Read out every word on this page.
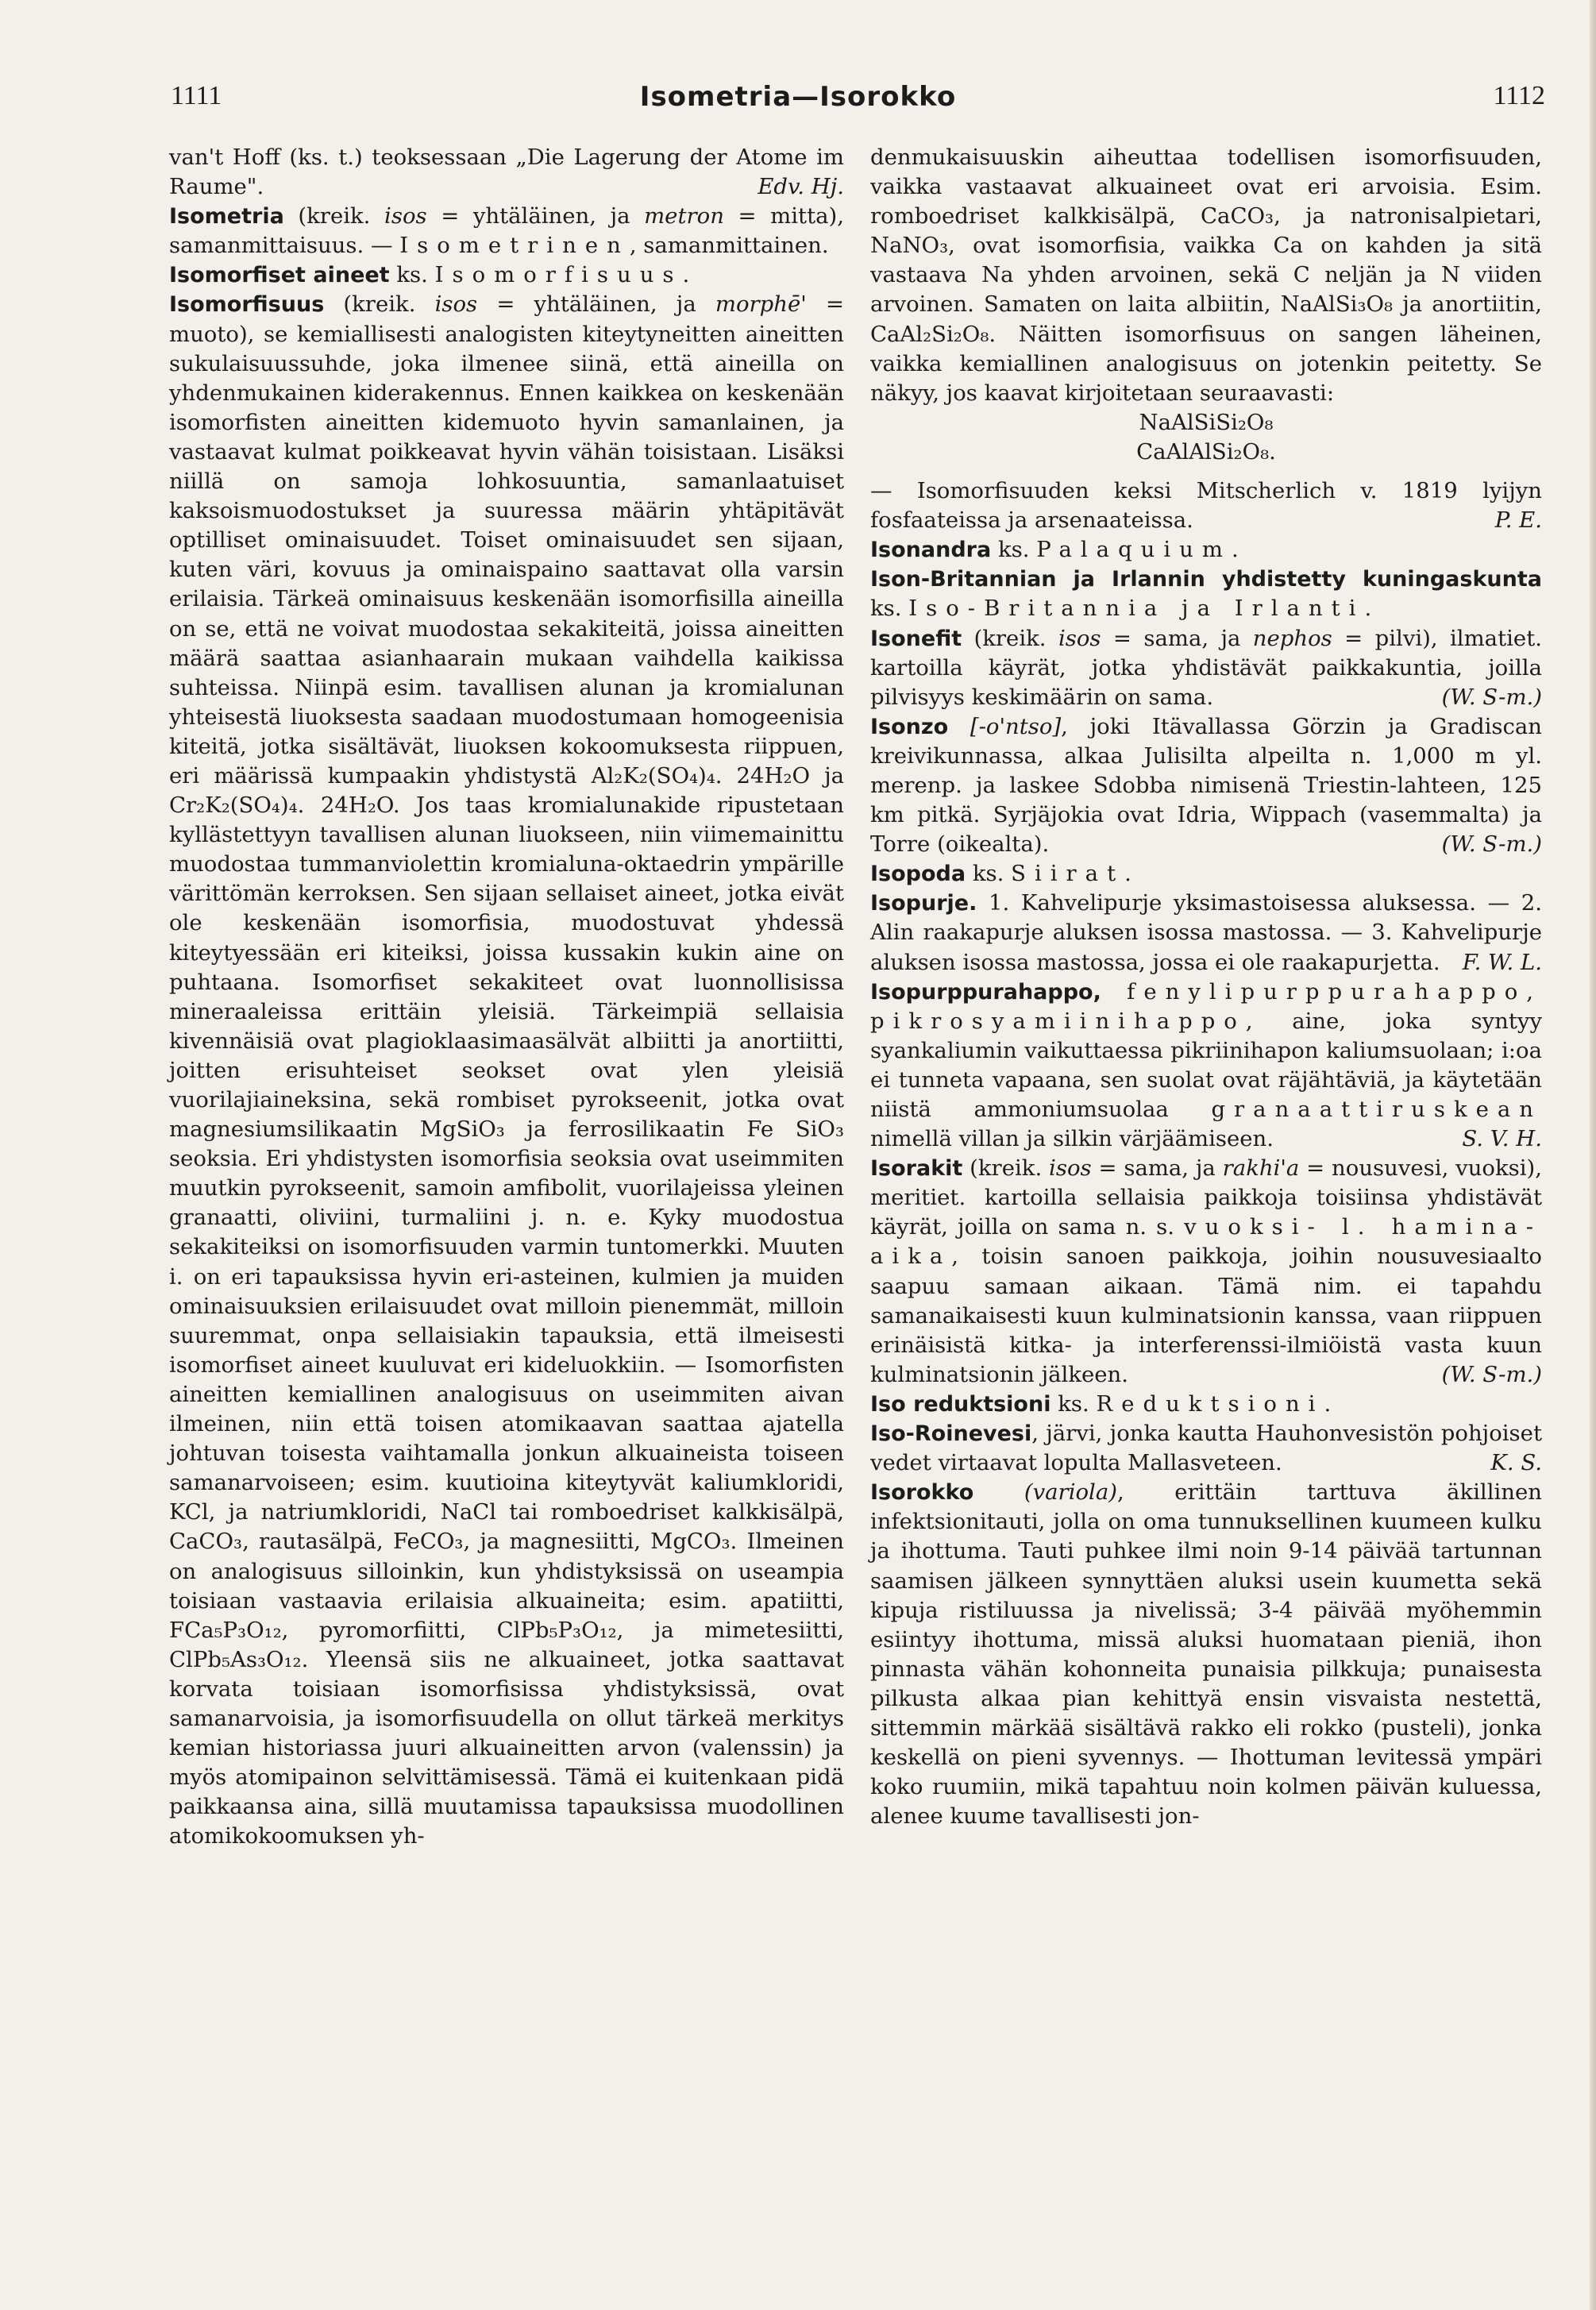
1111	Isometria—Isorokko	1112

van't Hoff (ks. t.) teoksessaan „Die Lagerung der Atome im Raume".	Edv. Hj.

Isometria (kreik. isos = yhtäläinen, ja metron = mitta), samanmittaisuus. — Isometrinen, samanmittainen.

Isomorfiset aineet ks. Isomorfisuus.

Isomorfisuus (kreik. isos = yhtäläinen, ja morphē' = muoto), se kemiallisesti analogisten kiteytyneitten aineitten sukulaisuussuhde, joka ilmenee siinä, että aineilla on yhdenmukainen kiderakennus. Ennen kaikkea on keskenään isomorfisten aineitten kidemuoto hyvin samanlainen, ja vastaavat kulmat poikkeavat hyvin vähän toisistaan. Lisäksi niillä on samoja lohkosuuntia, samanlaatuiset kaksoismuodostukset ja suuressa määrin yhtäpitävät optilliset ominaisuudet. Toiset ominaisuudet sen sijaan, kuten väri, kovuus ja ominaispaino saattavat olla varsin erilaisia. Tärkeä ominaisuus keskenään isomorfisilla aineilla on se, että ne voivat muodostaa sekakiteitä, joissa aineitten määrä saattaa asianhaarain mukaan vaihdella kaikissa suhteissa. Niinpä esim. tavallisen alunan ja kromialunan yhteisestä liuoksesta saadaan muodostumaan homogeenisia kiteitä, jotka sisältävät, liuoksen kokoomuksesta riippuen, eri määrissä kumpaakin yhdistystä Al₂K₂(SO₄)₄. 24H₂O ja Cr₂K₂(SO₄)₄. 24H₂O. Jos taas kromialunakide ripustetaan kyllästettyyn tavallisen alunan liuokseen, niin viimemainittu muodostaa tummanviolettin kromialuna-oktaedrin ympärille värittömän kerroksen. Sen sijaan sellaiset aineet, jotka eivät ole keskenään isomorfisia, muodostuvat yhdessä kiteytyessään eri kiteiksi, joissa kussakin kukin aine on puhtaana. Isomorfiset sekakiteet ovat luonnollisissa mineraaleissa erittäin yleisiä. Tärkeimpiä sellaisia kivennäisiä ovat plagioklaasimaasälvät albiitti ja anortiitti, joitten erisuhteiset seokset ovat ylen yleisiä vuorilajiaineksina, sekä rombiset pyrokseenit, jotka ovat magnesiumsilikaatin MgSiO₃ ja ferrosilikaatin Fe SiO₃ seoksia. Eri yhdistysten isomorfisia seoksia ovat useimmiten muutkin pyrokseenit, samoin amfibolit, vuorilajeissa yleinen granaatti, oliviini, turmaliini j. n. e. Kyky muodostua sekakiteiksi on isomorfisuuden varmin tuntomerkki. Muuten i. on eri tapauksissa hyvin eri-asteinen, kulmien ja muiden ominaisuuksien erilaisuudet ovat milloin pienemmät, milloin suuremmat, onpa sellaisiakin tapauksia, että ilmeisesti isomorfiset aineet kuuluvat eri kideluokkiin. — Isomorfisten aineitten kemiallinen analogisuus on useimmiten aivan ilmeinen, niin että toisen atomikaavan saattaa ajatella johtuvan toisesta vaihtamalla jonkun alkuaineista toiseen samanarvoiseen; esim. kuutioina kiteytyvät kaliumkloridi, KCl, ja natriumkloridi, NaCl tai romboedriset kalkkisälpä, CaCO₃, rautasälpä, FeCO₃, ja magnesiitti, MgCO₃. Ilmeinen on analogisuus silloinkin, kun yhdistyksissä on useampia toisiaan vastaavia erilaisia alkuaineita; esim. apatiitti, FCa₅P₃O₁₂, pyromorfiitti, ClPb₅P₃O₁₂, ja mimetesiitti, ClPb₅As₃O₁₂. Yleensä siis ne alkuaineet, jotka saattavat korvata toisiaan isomorfisissa yhdistyksissä, ovat samanarvoisia, ja isomorfisuudella on ollut tärkeä merkitys kemian historiassa juuri alkuaineitten arvon (valenssin) ja myös atomipainon selvittämisessä. Tämä ei kuitenkaan pidä paikkaansa aina, sillä muutamissa tapauksissa muodollinen atomikokoomuksen yh-

denmukaisuuskin aiheuttaa todellisen isomorfisuuden, vaikka vastaavat alkuaineet ovat eri arvoisia. Esim. romboedriset kalkkisälpä, CaCO₃, ja natronisalpietari, NaNO₃, ovat isomorfisia, vaikka Ca on kahden ja sitä vastaava Na yhden arvoinen, sekä C neljän ja N viiden arvoinen. Samaten on laita albiitin, NaAlSi₃O₈ ja anortiitin, CaAl₂Si₂O₈. Näitten isomorfisuus on sangen läheinen, vaikka kemiallinen analogisuus on jotenkin peitetty. Se näkyy, jos kaavat kirjoitetaan seuraavasti:

NaAlSiSi₂O₈

CaAlAlSi₂O₈.

— Isomorfisuuden keksi Mitscherlich v. 1819 lyijyn fosfaateissa ja arsenaateissa.	P. E.

Isonandra ks. Palaquium.

Ison-Britannian ja Irlannin yhdistetty kuningaskunta ks. Iso-Britannia ja Irlanti.

Isonefit (kreik. isos = sama, ja nephos = pilvi), ilmatiet. kartoilla käyrät, jotka yhdistävät paikkakuntia, joilla pilvisyys keskimäärin on sama.	(W. S-m.)

Isonzo [-o'ntso], joki Itävallassa Görzin ja Gradiscan kreivikunnassa, alkaa Julisilta alpeilta n. 1,000 m yl. merenp. ja laskee Sdobba nimisenä Triestin-lahteen, 125 km pitkä. Syrjäjokia ovat Idria, Wippach (vasemmalta) ja Torre (oikealta).	(W. S-m.)

Isopoda ks. Siirat.

Isopurje. 1. Kahvelipurje yksimastoisessa aluksessa. — 2. Alin raakapurje aluksen isossa mastossa. — 3. Kahvelipurje aluksen isossa mastossa, jossa ei ole raakapurjetta. F. W. L.

Isopurppurahappo, fenylipurppurahappo, pikrosyamiinihappo, aine, joka syntyy syankaliumin vaikuttaessa pikriinihapon kaliumsuolaan; i:oa ei tunneta vapaana, sen suolat ovat räjähtäviä, ja käytetään niistä ammoniumsuolaa granaattiruskean nimellä villan ja silkin värjäämiseen.	S. V. H.

Isorakit (kreik. isos = sama, ja rakhi'a = nousuvesi, vuoksi), meritiet. kartoilla sellaisia paikkoja toisiinsa yhdistävät käyrät, joilla on sama n. s. vuoksi- l. hamina-aika, toisin sanoen paikkoja, joihin nousuvesiaalto saapuu samaan aikaan. Tämä nim. ei tapahdu samanaikaisesti kuun kulminatsionin kanssa, vaan riippuen erinäisistä kitka- ja interferenssi-ilmiöistä vasta kuun kulminatsionin jälkeen.	(W. S-m.)

Iso reduktsioni ks. Reduktsioni.

Iso-Roinevesi, järvi, jonka kautta Hauhonvesistön pohjoiset vedet virtaavat lopulta Mallasveteen.	K. S.

Isorokko (variola), erittäin tarttuva äkillinen infektsionitauti, jolla on oma tunnuksellinen kuumeen kulku ja ihottuma. Tauti puhkee ilmi noin 9-14 päivää tartunnan saamisen jälkeen synnyttäen aluksi usein kuumetta sekä kipuja ristiluussa ja nivelissä; 3-4 päivää myöhemmin esiintyy ihottuma, missä aluksi huomataan pieniä, ihon pinnasta vähän kohonneita punaisia pilkkuja; punaisesta pilkusta alkaa pian kehittyä ensin visvaista nestettä, sittemmin märkää sisältävä rakko eli rokko (pusteli), jonka keskellä on pieni syvennys. — Ihottuman levitessä ympäri koko ruumiin, mikä tapahtuu noin kolmen päivän kuluessa, alenee kuume tavallisesti jon-
